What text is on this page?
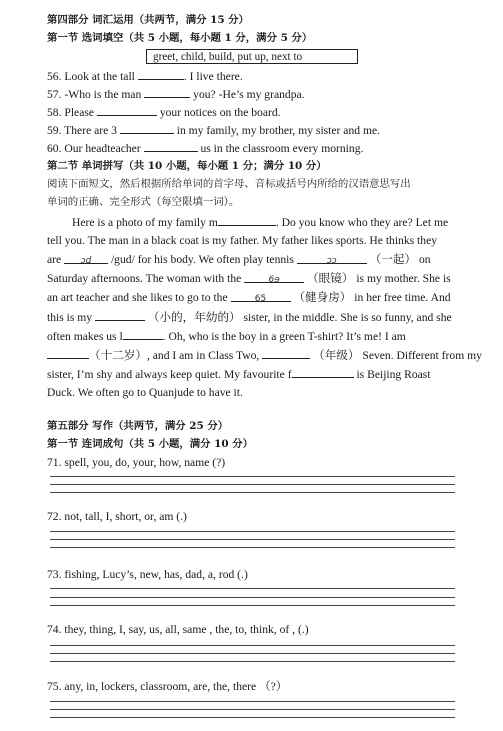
第四部分 词汇运用（共两节，满分 15 分）
第一节 选词填空（共 5 小题，每小题 1 分，满分 5 分）
greet, child, build, put up, next to
56. Look at the tall	. I live there.
57. -Who is the man	you? -He’s my grandpa.
58. Please	your notices on the board.
59. There are 3	in my family, my brother, my sister and me.
60. Our headteacher	us in the classroom every morning.
第二节 单词拼写（共 10 小题，每小题 1 分；满分 10 分）
阅读下面短文，然后根据所给单词的首字母、音标或括号内所给的汉语意思写出
单词的正确、完全形式（每空限填一词）。
Here is a photo of my family m	. Do you know who they are? Let me
tell you. The man in a black coat is my father. My father likes sports. He thinks they
are ɔd /gud/ for his body. We often play tennis	ɔɔ	（一起） on
Saturday afternoons. The woman with the	6ɘ （眼镜） is my mother. She is
an art teacher and she likes to go to the	65 （健身房） in her free time. And
this is my	（小的，年幼的） sister, in the middle. She is so funny, and she
often makes us l	. Oh, who is the boy in a green T-shirt? It’s me! I am
（十二岁）, and I am in Class Two,	（年级） Seven. Different from my
sister, I’m shy and always keep quiet. My favourite f	is Beijing Roast
Duck. We often go to Quanjude to have it.
第五部分 写作（共两节，满分 25 分）
第一节 连词成句（共 5 小题，满分 10 分）
71. spell, you, do, your, how, name (?)
72. not, tall, I, short, or, am (.)
73. fishing, Lucy’s, new, has, dad, a, rod (.)
74. they, thing, I, say, us, all, same , the, to, think, of , (.)
75. any, in, lockers, classroom, are, the, there （?）
